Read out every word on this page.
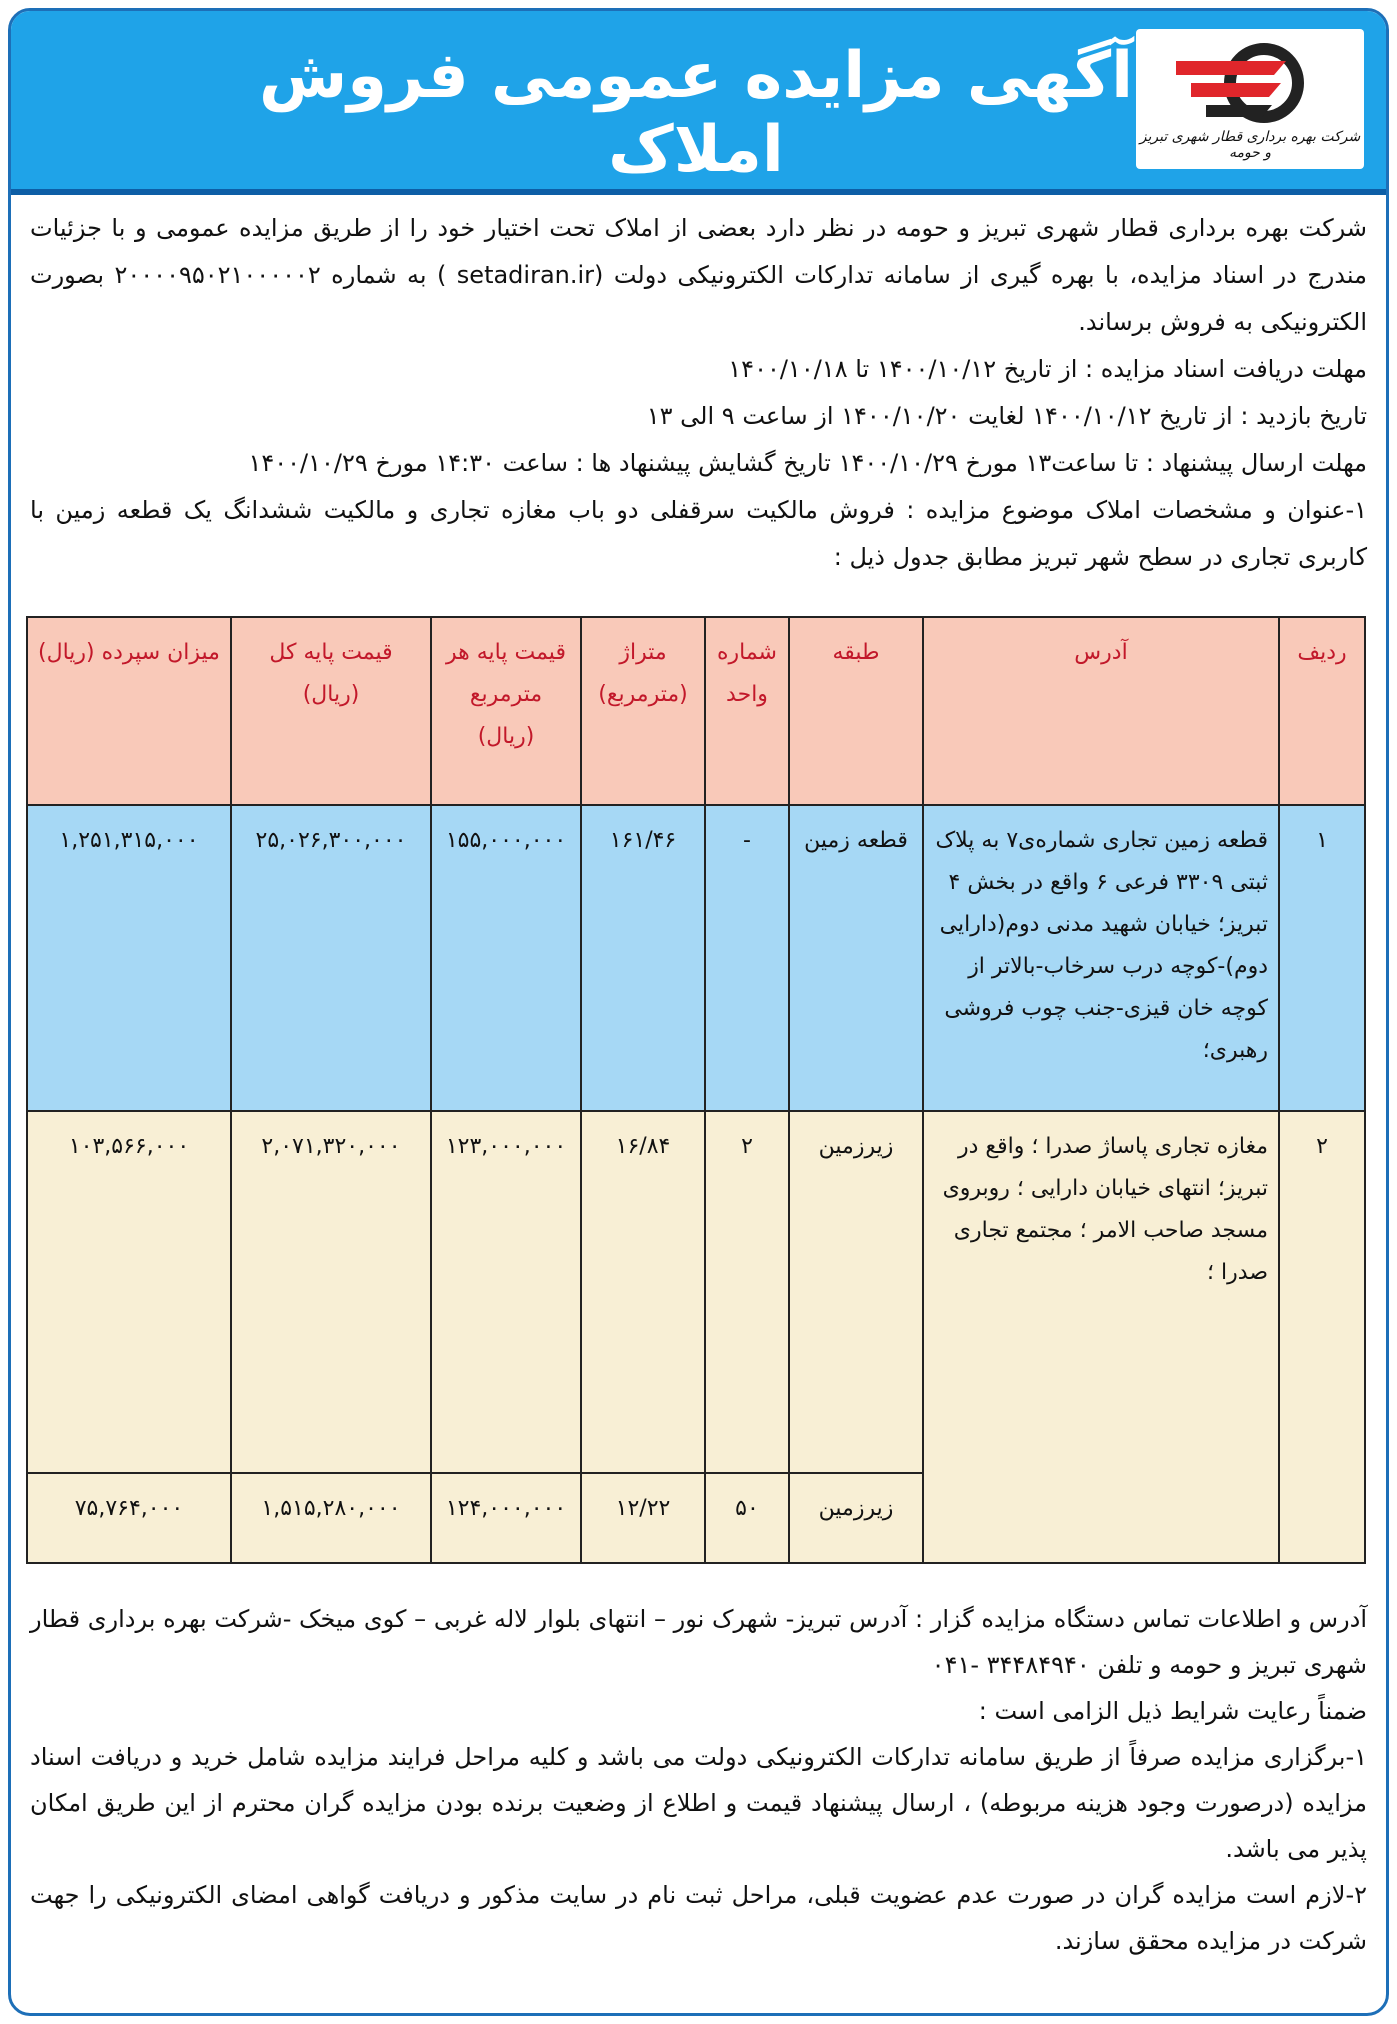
آگهی مزایده عمومی فروش املاک	شرکت بهره برداری قطار شهری تبریز و حومه

شرکت بهره برداری قطار شهری تبریز و حومه در نظر دارد بعضی از املاک تحت اختیار خود را از طریق مزایده عمومی و با جزئیات مندرج در اسناد مزایده، با بهره گیری از سامانه تدارکات الکترونیکی دولت (setadiran.ir ) به شماره ۲۰۰۰۰۹۵۰۲۱۰۰۰۰۰۲ بصورت الکترونیکی به فروش برساند.

مهلت دریافت اسناد مزایده : از تاریخ ۱۴۰۰/۱۰/۱۲ تا ۱۴۰۰/۱۰/۱۸

تاریخ بازدید : از تاریخ ۱۴۰۰/۱۰/۱۲ لغایت ۱۴۰۰/۱۰/۲۰ از ساعت ۹ الی ۱۳

مهلت ارسال پیشنهاد : تا ساعت۱۳ مورخ ۱۴۰۰/۱۰/۲۹ تاریخ گشایش پیشنهاد ها : ساعت ۱۴:۳۰ مورخ ۱۴۰۰/۱۰/۲۹

۱-عنوان و مشخصات املاک موضوع مزایده : فروش مالکیت سرقفلی دو باب مغازه تجاری و مالکیت ششدانگ یک قطعه زمین با کاربری تجاری در سطح شهر تبریز مطابق جدول ذیل :

ردیف	آدرس	طبقه	شماره واحد	متراژ (مترمربع)	قیمت پایه هر مترمربع (ریال)	قیمت پایه کل (ریال)	میزان سپرده (ریال)
۱	قطعه زمین تجاری شماره‌ی۷ به پلاک ثبتی ۳۳۰۹ فرعی ۶ واقع در بخش ۴ تبریز؛ خیابان شهید مدنی دوم(دارایی دوم)-کوچه درب سرخاب-بالاتر از کوچه خان قیزی-جنب چوب فروشی رهبری؛	قطعه زمین	-	۱۶۱/۴۶	۱۵۵,۰۰۰,۰۰۰	۲۵,۰۲۶,۳۰۰,۰۰۰	۱,۲۵۱,۳۱۵,۰۰۰
۲	مغازه تجاری پاساژ صدرا ؛ واقع در تبریز؛ انتهای خیابان دارایی ؛ روبروی مسجد صاحب الامر ؛ مجتمع تجاری صدرا ؛	زیرزمین	۲	۱۶/۸۴	۱۲۳,۰۰۰,۰۰۰	۲,۰۷۱,۳۲۰,۰۰۰	۱۰۳,۵۶۶,۰۰۰
		زیرزمین	۵۰	۱۲/۲۲	۱۲۴,۰۰۰,۰۰۰	۱,۵۱۵,۲۸۰,۰۰۰	۷۵,۷۶۴,۰۰۰

آدرس و اطلاعات تماس دستگاه مزایده گزار : آدرس تبریز- شهرک نور – انتهای بلوار لاله غربی – کوی میخک -شرکت بهره برداری قطار شهری تبریز و حومه و تلفن ۳۴۴۸۴۹۴۰ -۰۴۱

ضمناً رعایت شرایط ذیل الزامی است :

۱-برگزاری مزایده صرفاً از طریق سامانه تدارکات الکترونیکی دولت می باشد و کلیه مراحل فرایند مزایده شامل خرید و دریافت اسناد مزایده (درصورت وجود هزینه مربوطه) ، ارسال پیشنهاد قیمت و اطلاع از وضعیت برنده بودن مزایده گران محترم از این طریق امکان پذیر می باشد.

۲-لازم است مزایده گران در صورت عدم عضویت قبلی، مراحل ثبت نام در سایت مذکور و دریافت گواهی امضای الکترونیکی را جهت شرکت در مزایده محقق سازند.
